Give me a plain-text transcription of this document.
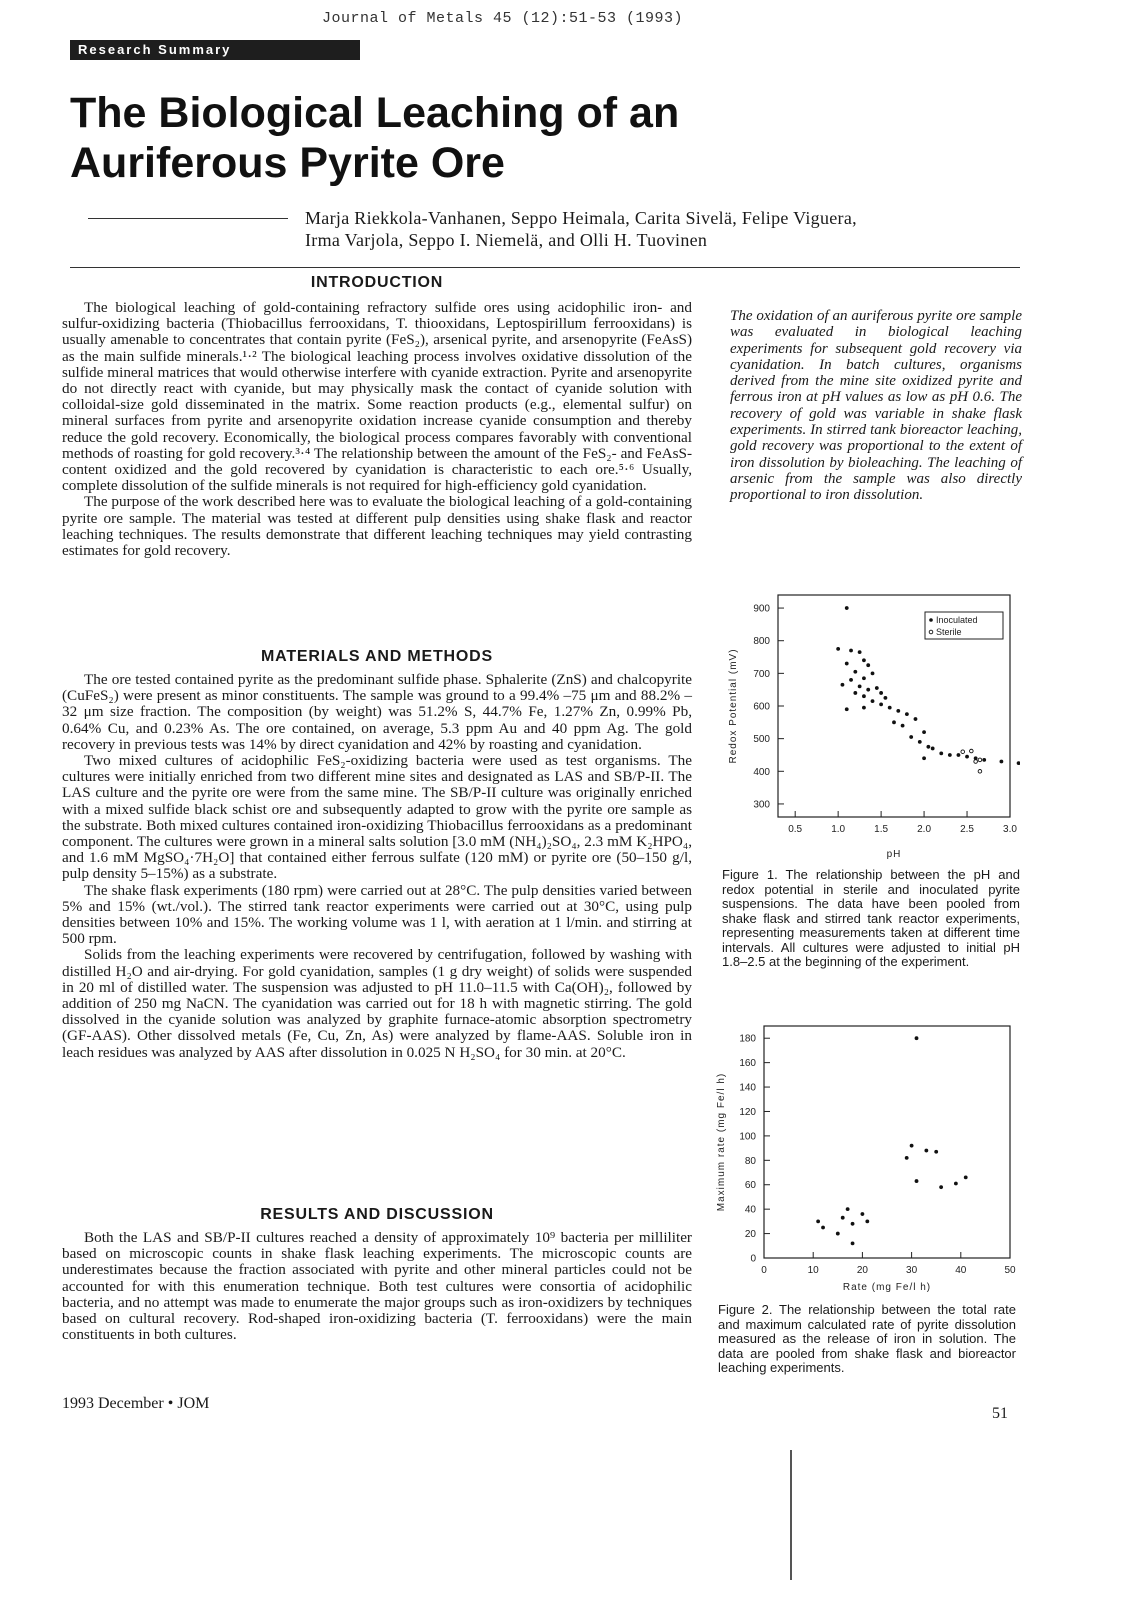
Journal of Metals 45 (12):51-53 (1993)
Research Summary
The Biological Leaching of an
Auriferous Pyrite Ore
Marja Riekkola-Vanhanen, Seppo Heimala, Carita Sivelä, Felipe Viguera,
Irma Varjola, Seppo I. Niemelä, and Olli H. Tuovinen
INTRODUCTION

The biological leaching of gold-containing refractory sulfide ores using acidophilic iron- and sulfur-oxidizing bacteria (Thiobacillus ferrooxidans, T. thiooxidans, Leptospirillum ferrooxidans) is usually amenable to concentrates that contain pyrite (FeS₂), arsenical pyrite, and arsenopyrite (FeAsS) as the main sulfide minerals.¹·² The biological leaching process involves oxidative dissolution of the sulfide mineral matrices that would otherwise interfere with cyanide extraction. Pyrite and arsenopyrite do not directly react with cyanide, but may physically mask the contact of cyanide solution with colloidal-size gold disseminated in the matrix. Some reaction products (e.g., elemental sulfur) on mineral surfaces from pyrite and arsenopyrite oxidation increase cyanide consumption and thereby reduce the gold recovery. Economically, the biological process compares favorably with conventional methods of roasting for gold recovery.³·⁴ The relationship between the amount of the FeS₂- and FeAsS-content oxidized and the gold recovered by cyanidation is characteristic to each ore.⁵·⁶ Usually, complete dissolution of the sulfide minerals is not required for high-efficiency gold cyanidation.

The purpose of the work described here was to evaluate the biological leaching of a gold-containing pyrite ore sample. The material was tested at different pulp densities using shake flask and reactor leaching techniques. The results demonstrate that different leaching techniques may yield contrasting estimates for gold recovery.

MATERIALS AND METHODS

The ore tested contained pyrite as the predominant sulfide phase. Sphalerite (ZnS) and chalcopyrite (CuFeS₂) were present as minor constituents. The sample was ground to a 99.4% –75 μm and 88.2% –32 μm size fraction. The composition (by weight) was 51.2% S, 44.7% Fe, 1.27% Zn, 0.99% Pb, 0.64% Cu, and 0.23% As. The ore contained, on average, 5.3 ppm Au and 40 ppm Ag. The gold recovery in previous tests was 14% by direct cyanidation and 42% by roasting and cyanidation.

Two mixed cultures of acidophilic FeS₂-oxidizing bacteria were used as test organisms. The cultures were initially enriched from two different mine sites and designated as LAS and SB/P-II. The LAS culture and the pyrite ore were from the same mine. The SB/P-II culture was originally enriched with a mixed sulfide black schist ore and subsequently adapted to grow with the pyrite ore sample as the substrate. Both mixed cultures contained iron-oxidizing Thiobacillus ferrooxidans as a predominant component. The cultures were grown in a mineral salts solution [3.0 mM (NH₄)₂SO₄, 2.3 mM K₂HPO₄, and 1.6 mM MgSO₄·7H₂O] that contained either ferrous sulfate (120 mM) or pyrite ore (50–150 g/l, pulp density 5–15%) as a substrate.

The shake flask experiments (180 rpm) were carried out at 28°C. The pulp densities varied between 5% and 15% (wt./vol.). The stirred tank reactor experiments were carried out at 30°C, using pulp densities between 10% and 15%. The working volume was 1 l, with aeration at 1 l/min. and stirring at 500 rpm.

Solids from the leaching experiments were recovered by centrifugation, followed by washing with distilled H₂O and air-drying. For gold cyanidation, samples (1 g dry weight) of solids were suspended in 20 ml of distilled water. The suspension was adjusted to pH 11.0–11.5 with Ca(OH)₂, followed by addition of 250 mg NaCN. The cyanidation was carried out for 18 h with magnetic stirring. The gold dissolved in the cyanide solution was analyzed by graphite furnace-atomic absorption spectrometry (GF-AAS). Other dissolved metals (Fe, Cu, Zn, As) were analyzed by flame-AAS. Soluble iron in leach residues was analyzed by AAS after dissolution in 0.025 N H₂SO₄ for 30 min. at 20°C.

RESULTS AND DISCUSSION

Both the LAS and SB/P-II cultures reached a density of approximately 10⁹ bacteria per milliliter based on microscopic counts in shake flask leaching experiments. The microscopic counts are underestimates because the fraction associated with pyrite and other mineral particles could not be accounted for with this enumeration technique. Both test cultures were consortia of acidophilic bacteria, and no attempt was made to enumerate the major groups such as iron-oxidizers by techniques based on cultural recovery. Rod-shaped iron-oxidizing bacteria (T. ferrooxidans) were the main constituents in both cultures.

The oxidation of an auriferous pyrite ore sample was evaluated in biological leaching experiments for subsequent gold recovery via cyanidation. In batch cultures, organisms derived from the mine site oxidized pyrite and ferrous iron at pH values as low as pH 0.6. The recovery of gold was variable in shake flask experiments. In stirred tank bioreactor leaching, gold recovery was proportional to the extent of iron dissolution by bioleaching. The leaching of arsenic from the sample was also directly proportional to iron dissolution.
0.5	1.0	1.5	2.0	2.5	3.0
300
400
500
600
700
800
900
pH
Redox Potential (mV)
Inoculated
Sterile
Figure 1. The relationship between the pH and redox potential in sterile and inoculated pyrite suspensions. The data have been pooled from shake flask and stirred tank reactor experiments, representing measurements taken at different time intervals. All cultures were adjusted to initial pH 1.8–2.5 at the beginning of the experiment.
0	10	20	30	40	50
0
20
40
60
80
100
120
140
160
180
Rate (mg Fe/l h)
Maximum rate (mg Fe/l h)
Figure 2. The relationship between the total rate and maximum calculated rate of pyrite dissolution measured as the release of iron in solution. The data are pooled from shake flask and bioreactor leaching experiments.
1993 December • JOM
51
